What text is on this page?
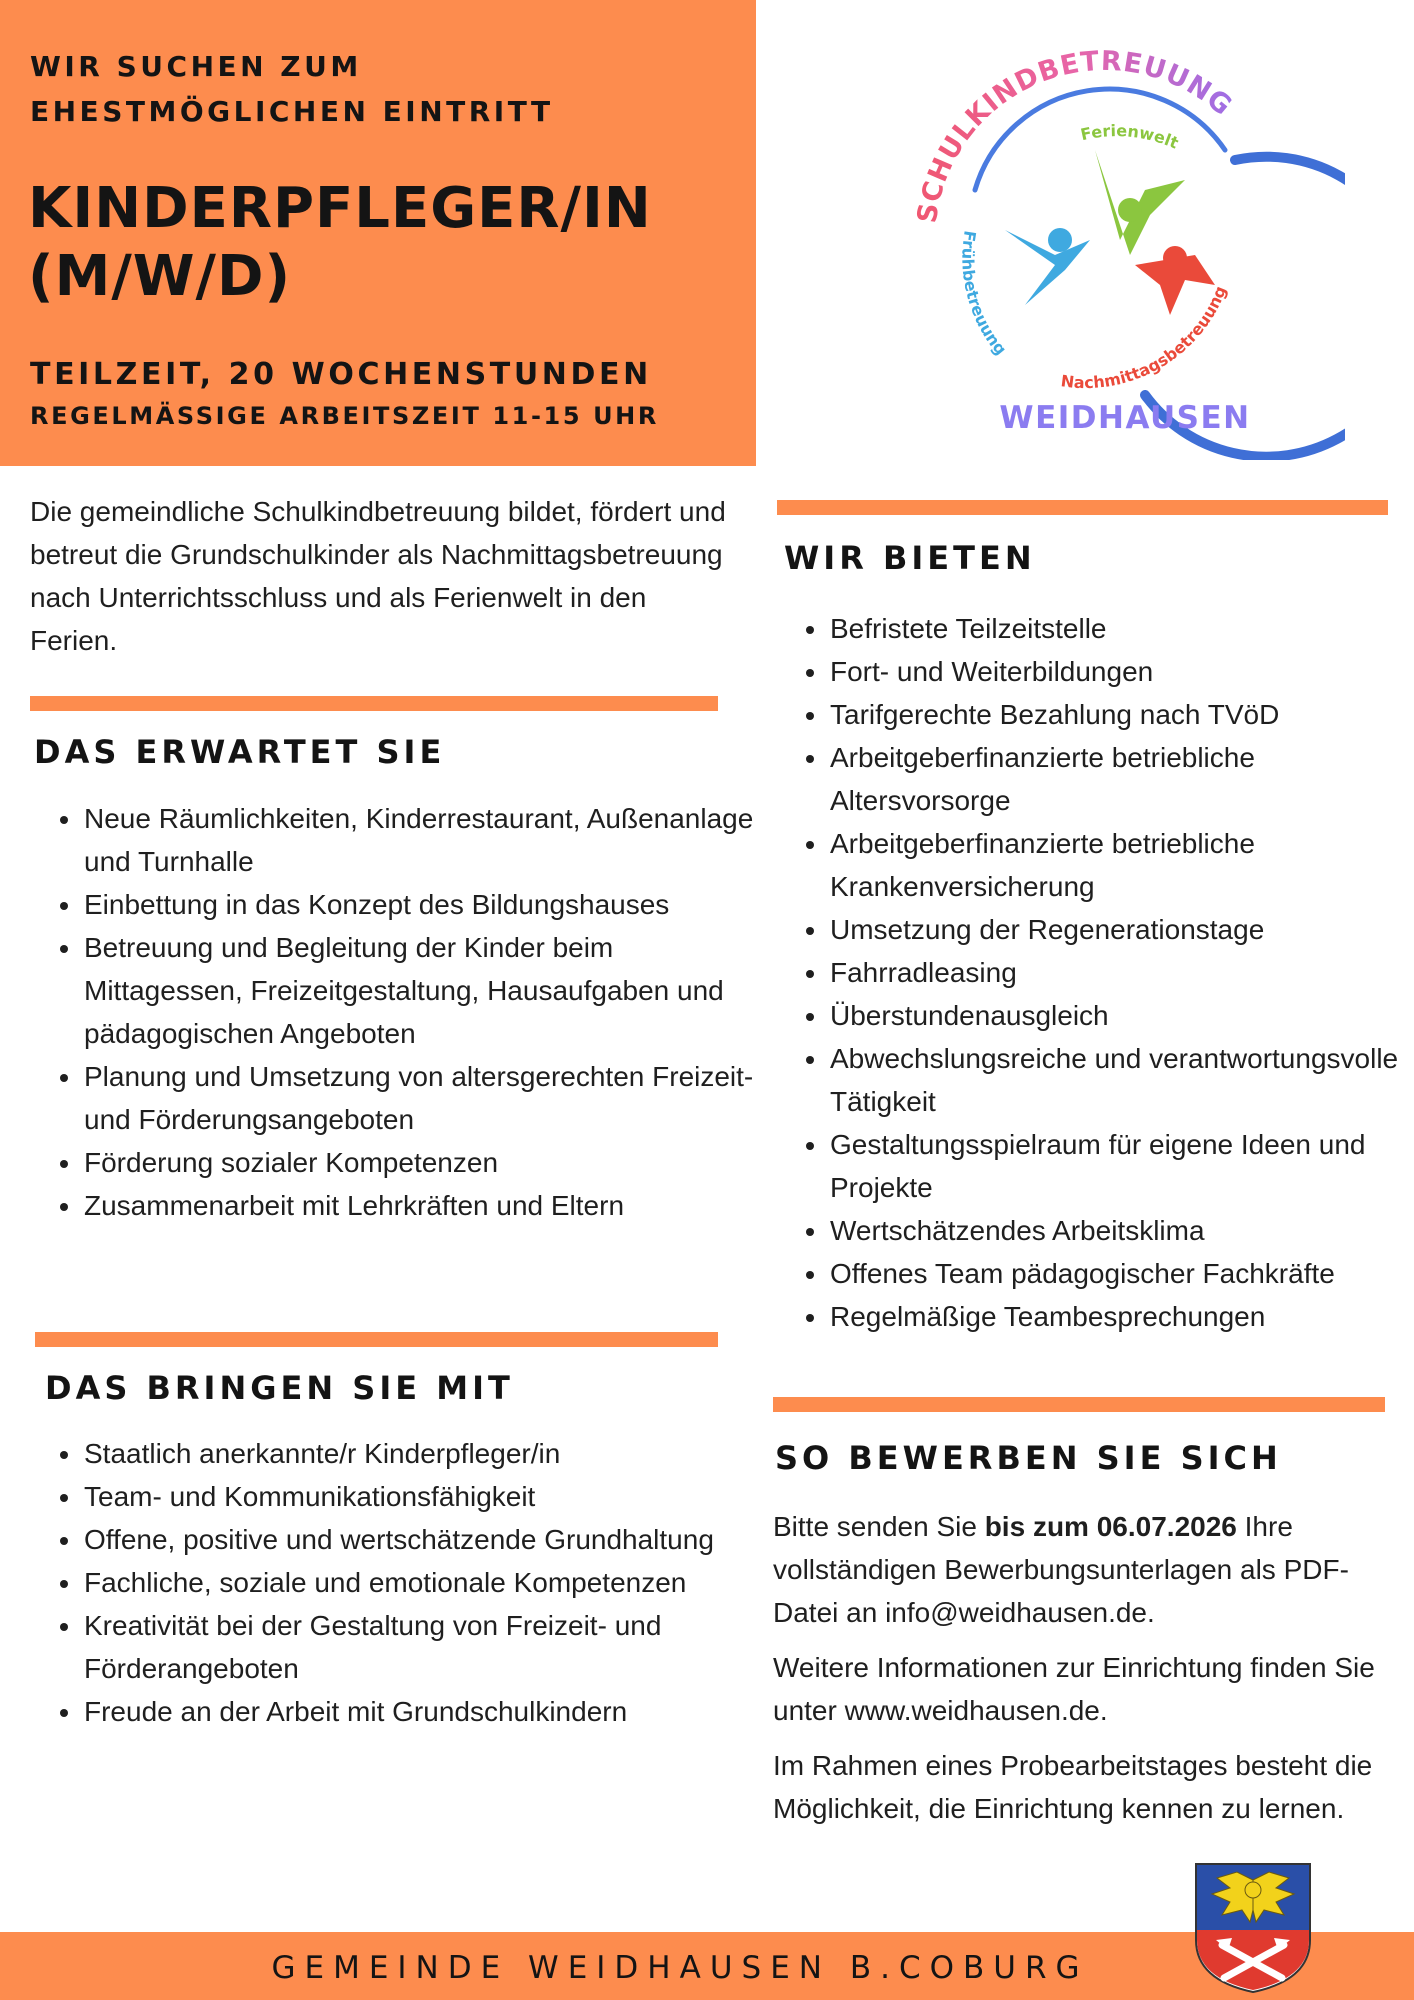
WIR SUCHEN ZUM
EHESTMÖGLICHEN EINTRITT
KINDERPFLEGER/IN
(M/W/D)
TEILZEIT, 20 WOCHENSTUNDEN
REGELMÄSSIGE ARBEITSZEIT 11-15 UHR
SCHULKINDBETREUUNG
Ferienwelt
Frühbetreuung
Nachmittagsbetreuung
WEIDHAUSEN
Die gemeindliche Schulkindbetreuung bildet, fördert und betreut die Grundschulkinder als Nachmittagsbetreuung nach Unterrichtsschluss und als Ferienwelt in den Ferien.
DAS ERWARTET SIE
• Neue Räumlichkeiten, Kinderrestaurant, Außenanlage und Turnhalle
• Einbettung in das Konzept des Bildungshauses
• Betreuung und Begleitung der Kinder beim Mittagessen, Freizeitgestaltung, Hausaufgaben und pädagogischen Angeboten
• Planung und Umsetzung von altersgerechten Freizeit- und Förderungsangeboten
• Förderung sozialer Kompetenzen
• Zusammenarbeit mit Lehrkräften und Eltern
DAS BRINGEN SIE MIT
• Staatlich anerkannte/r Kinderpfleger/in
• Team- und Kommunikationsfähigkeit
• Offene, positive und wertschätzende Grundhaltung
• Fachliche, soziale und emotionale Kompetenzen
• Kreativität bei der Gestaltung von Freizeit- und Förderangeboten
• Freude an der Arbeit mit Grundschulkindern
WIR BIETEN
• Befristete Teilzeitstelle
• Fort- und Weiterbildungen
• Tarifgerechte Bezahlung nach TVöD
• Arbeitgeberfinanzierte betriebliche Altersvorsorge
• Arbeitgeberfinanzierte betriebliche Krankenversicherung
• Umsetzung der Regenerationstage
• Fahrradleasing
• Überstundenausgleich
• Abwechslungsreiche und verantwortungsvolle Tätigkeit
• Gestaltungsspielraum für eigene Ideen und Projekte
• Wertschätzendes Arbeitsklima
• Offenes Team pädagogischer Fachkräfte
• Regelmäßige Teambesprechungen
SO BEWERBEN SIE SICH

Bitte senden Sie bis zum 06.07.2026 Ihre vollständigen Bewerbungsunterlagen als PDF-Datei an info@weidhausen.de.

Weitere Informationen zur Einrichtung finden Sie unter www.weidhausen.de.

Im Rahmen eines Probearbeitstages besteht die Möglichkeit, die Einrichtung kennen zu lernen.

GEMEINDE WEIDHAUSEN B.COBURG
